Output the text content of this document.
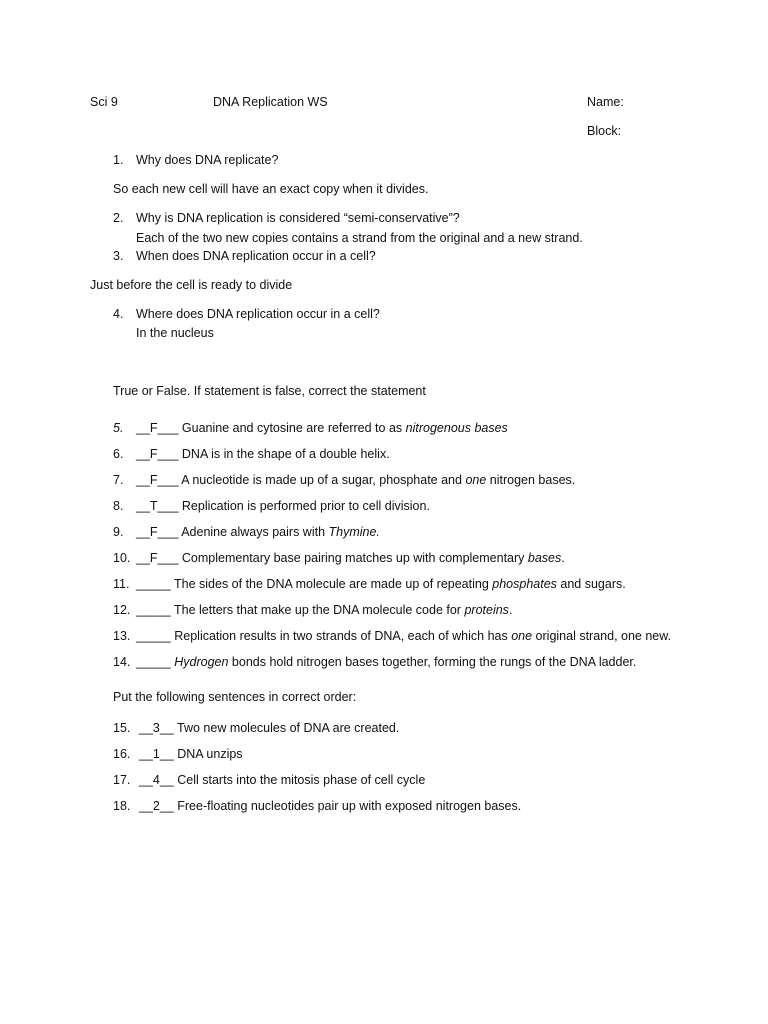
Sci 9	DNA Replication WS	Name:
Block:
1. Why does DNA replicate?
So each new cell will have an exact copy when it divides.
2. Why is DNA replication is considered “semi-conservative”?
Each of the two new copies contains a strand from the original and a new strand.
3. When does DNA replication occur in a cell?
Just before the cell is ready to divide
4. Where does DNA replication occur in a cell?
In the nucleus
True or False. If statement is false, correct the statement
5. __F___ Guanine and cytosine are referred to as nitrogenous bases
6. __F___ DNA is in the shape of a double helix.
7. __F___ A nucleotide is made up of a sugar, phosphate and one nitrogen bases.
8. __T___ Replication is performed prior to cell division.
9. __F___ Adenine always pairs with Thymine.
10. __F___ Complementary base pairing matches up with complementary bases.
11. _____ The sides of the DNA molecule are made up of repeating phosphates and sugars.
12. _____ The letters that make up the DNA molecule code for proteins.
13. _____ Replication results in two strands of DNA, each of which has one original strand, one new.
14. _____ Hydrogen bonds hold nitrogen bases together, forming the rungs of the DNA ladder.
Put the following sentences in correct order:
15. __3__ Two new molecules of DNA are created.
16. __1__ DNA unzips
17. __4__ Cell starts into the mitosis phase of cell cycle
18. __2__ Free-floating nucleotides pair up with exposed nitrogen bases.
